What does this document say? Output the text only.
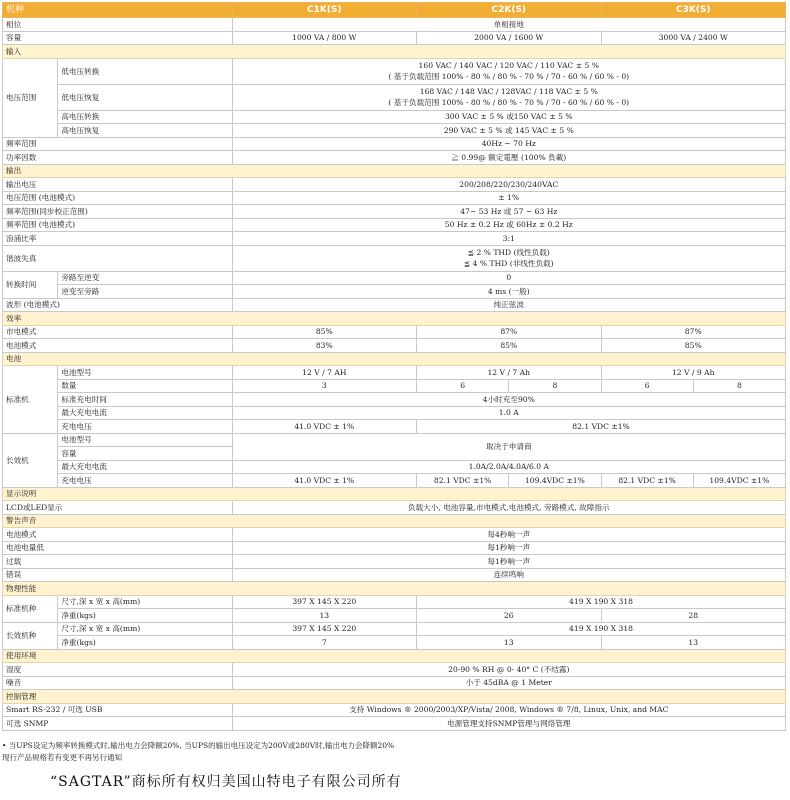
机种		C1K(S)	C2K(S)		C3K(S)	
相位		单相接地				
容量		1000 VA / 800 W	2000 VA / 1600 W		3000 VA / 2400 W	
输入						
电压范围	低电压转换	160 VAC / 140 VAC / 120 VAC / 110 VAC ± 5 %
( 基于负载范围 100% - 80 % / 80 % - 70 % / 70 - 60 % / 60 % - 0)				

	低电压恢复	168 VAC / 148 VAC / 128VAC / 118 VAC ± 5 %
( 基于负载范围 100% - 80 % / 80 % - 70 % / 70 - 60 % / 60 % - 0)				

	高电压转换	300 VAC ± 5 % 或150 VAC ± 5 %				
	高电压恢复	290 VAC ± 5 % 或 145 VAC ± 5 %				
频率范围		40Hz ~ 70 Hz				
功率因数		≧ 0.99@ 额定電壓 (100% 負載)				
输出						
输出电压		200/208/220/230/240VAC				
电压范围 (电池模式)		± 1%				
频率范围(同步校正范围)		47~ 53 Hz 或 57 ~ 63 Hz				
频率范围 (电池模式)		50 Hz ± 0.2 Hz 或 60Hz ± 0.2 Hz				
浪涌比率		3:1				
谐波失真		≦ 2 % THD (线性负载)
≦ 4 % THD (非线性负载)				

转换时间	旁路至逆变	0				
	逆变至旁路	4 ms (一般)				
波形 (电池模式)		纯正弦波				
效率						
市电模式		85%	87%		87%	
电池模式		83%	85%		85%	
电池						
标准机	电池型号	12 V / 7 AH	12 V / 7 Ah		12 V / 9 Ah	
	数量	3	6	8	6	8
	标准充电时间	4小时充至90%				
	最大充电电流	1.0 A				
	充电电压	41.0 VDC ± 1%	82.1 VDC ±1%			
长效机	电池型号	取决于申请商				
	容量					
	最大充电电流	1.0A/2.0A/4.0A/6.0 A				
	充电电压	41.0 VDC ± 1%	82.1 VDC ±1%	109.4VDC ±1%	82.1 VDC ±1%	109.4VDC ±1%
显示说明						
LCD或LED显示		负载大小, 电池容量,市电模式,电池模式, 旁路模式, 故障指示				
警告声音						
电池模式		每4秒响一声				
电池电量低		每1秒响一声				
过载		每1秒响一声				
错误		连续鸣响				
物理性能						
标准机种	尺寸,深 x 宽 x 高(mm)	397 X 145 X 220	419 X 190 X 318			
	净重(kgs)	13	26		28	
长效机种	尺寸,深 x 宽 x 高(mm)	397 X 145 X 220	419 X 190 X 318			
	净重(kgs)	7	13		13	
使用环境						
湿度		20-90 % RH @ 0- 40° C (不结露)				
噪音		小于 45dBA @ 1 Meter				
控制管理						
Smart RS-232 / 可选 USB		支持 Windows ® 2000/2003/XP/Vista/ 2008, Windows ® 7/8, Linux, Unix, and MAC				
可选 SNMP		电源管理支持SNMP管理与网络管理				
• 当UPS设定为频率转换模式时,输出电力会降额20%, 当UPS的输出电压设定为200V或280V时,输出电力会降额20%
现行产品规格若有变更不再另行通知
“SAGTAR”商标所有权归美国山特电子有限公司所有
